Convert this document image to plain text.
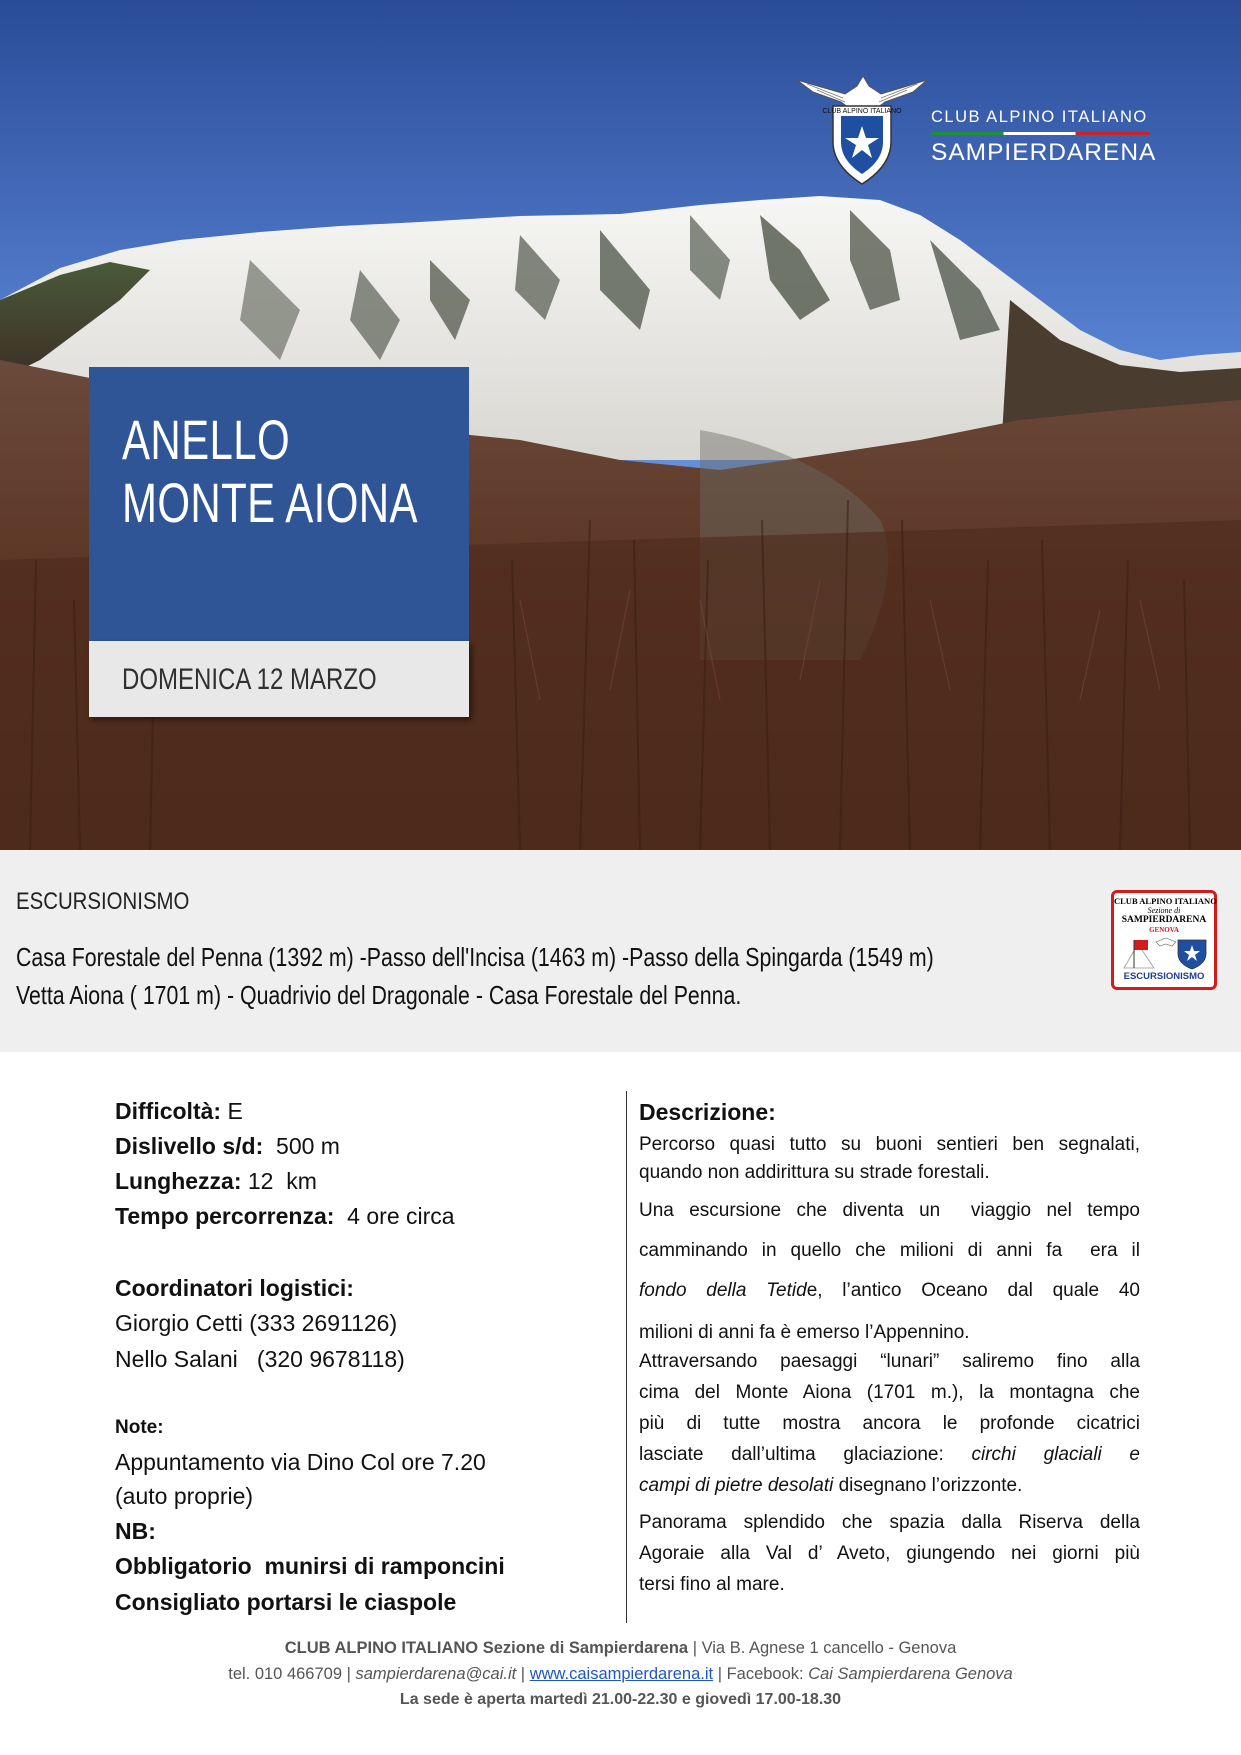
CLUB ALPINO ITALIANO CLUB ALPINO ITALIANO
SAMPIERDARENA
ANELLO
MONTE AIONA
DOMENICA 12 MARZO
ESCURSIONISMO
Casa Forestale del Penna (1392 m) -Passo dell'Incisa (1463 m) -Passo della Spingarda (1549 m)
Vetta Aiona ( 1701 m) - Quadrivio del Dragonale - Casa Forestale del Penna.
CLUB ALPINO ITALIANO
Sezione di
SAMPIERDARENA
GENOVA
ESCURSIONISMO
Difficoltà: E
Dislivello s/d:  500 m
Lunghezza: 12  km
Tempo percorrenza:  4 ore circa
Coordinatori logistici:
Giorgio Cetti (333 2691126)
Nello Salani   (320 9678118)
Note:
Appuntamento via Dino Col ore 7.20
(auto proprie)
NB:
Obbligatorio  munirsi di ramponcini
Consigliato portarsi le ciaspole
Descrizione:
Percorso quasi tutto su buoni sentieri ben segnalati,
quando non addirittura su strade forestali.
Una escursione che diventa un  viaggio nel tempo
camminando in quello che milioni di anni fa  era il
fondo della Tetide, l’antico Oceano dal quale 40
milioni di anni fa è emerso l’Appennino.
Attraversando paesaggi “lunari” saliremo fino alla
cima del Monte Aiona (1701 m.), la montagna che
più di tutte mostra ancora le profonde cicatrici
lasciate dall’ultima glaciazione: circhi glaciali e
campi di pietre desolati disegnano l’orizzonte.
Panorama splendido che spazia dalla Riserva della
Agoraie alla Val d’ Aveto, giungendo nei giorni più
tersi fino al mare.
CLUB ALPINO ITALIANO Sezione di Sampierdarena | Via B. Agnese 1 cancello - Genova
tel. 010 466709 | sampierdarena@cai.it | www.caisampierdarena.it | Facebook: Cai Sampierdarena Genova
La sede è aperta martedì 21.00-22.30 e giovedì 17.00-18.30
